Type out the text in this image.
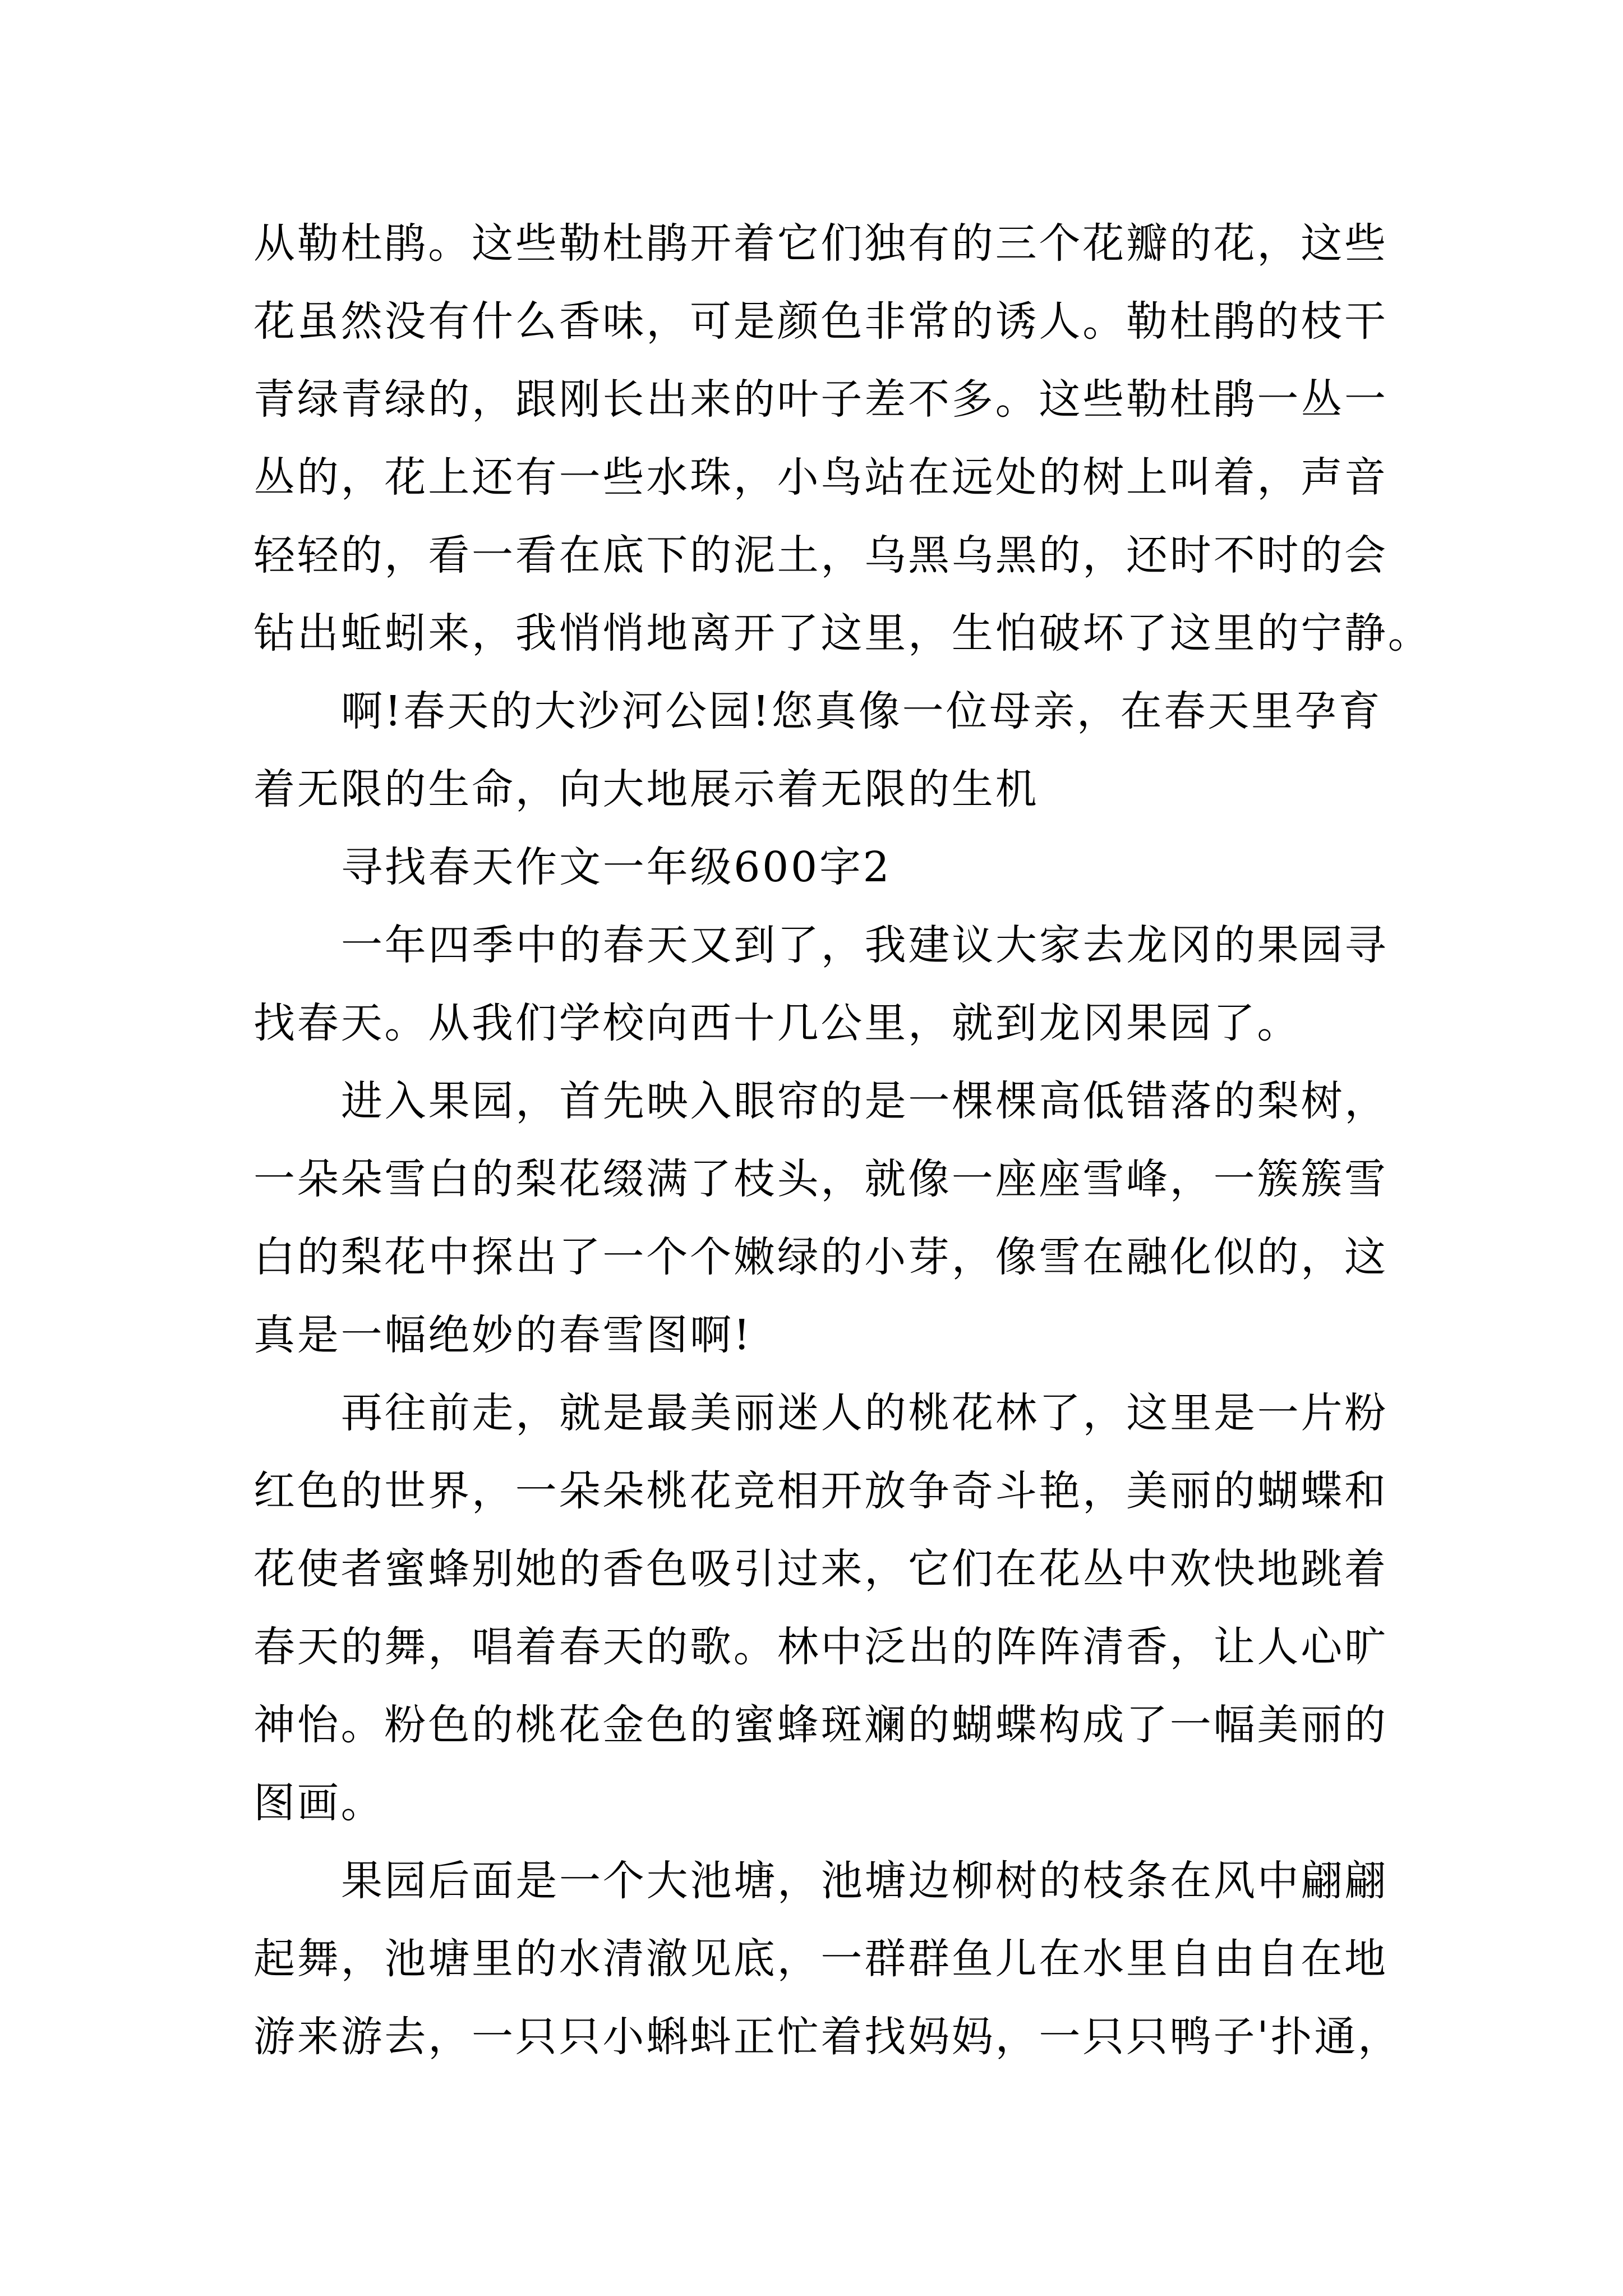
从勒杜鹃。这些勒杜鹃开着它们独有的三个花瓣的花，这些
花虽然没有什么香味，可是颜色非常的诱人。勒杜鹃的枝干
青绿青绿的，跟刚长出来的叶子差不多。这些勒杜鹃一丛一
丛的，花上还有一些水珠，小鸟站在远处的树上叫着，声音
轻轻的，看一看在底下的泥土，乌黑乌黑的，还时不时的会
钻出蚯蚓来，我悄悄地离开了这里，生怕破坏了这里的宁静。
啊!春天的大沙河公园!您真像一位母亲，在春天里孕育
着无限的生命，向大地展示着无限的生机
寻找春天作文一年级600字2
一年四季中的春天又到了，我建议大家去龙冈的果园寻
找春天。从我们学校向西十几公里，就到龙冈果园了。
进入果园，首先映入眼帘的是一棵棵高低错落的梨树，
一朵朵雪白的梨花缀满了枝头，就像一座座雪峰，一簇簇雪
白的梨花中探出了一个个嫩绿的小芽，像雪在融化似的，这
真是一幅绝妙的春雪图啊!
再往前走，就是最美丽迷人的桃花林了，这里是一片粉
红色的世界，一朵朵桃花竞相开放争奇斗艳，美丽的蝴蝶和
花使者蜜蜂别她的香色吸引过来，它们在花丛中欢快地跳着
春天的舞，唱着春天的歌。林中泛出的阵阵清香，让人心旷
神怡。粉色的桃花金色的蜜蜂斑斓的蝴蝶构成了一幅美丽的
图画。
果园后面是一个大池塘，池塘边柳树的枝条在风中翩翩
起舞，池塘里的水清澈见底，一群群鱼儿在水里自由自在地
游来游去，一只只小蝌蚪正忙着找妈妈，一只只鸭子'扑通，
